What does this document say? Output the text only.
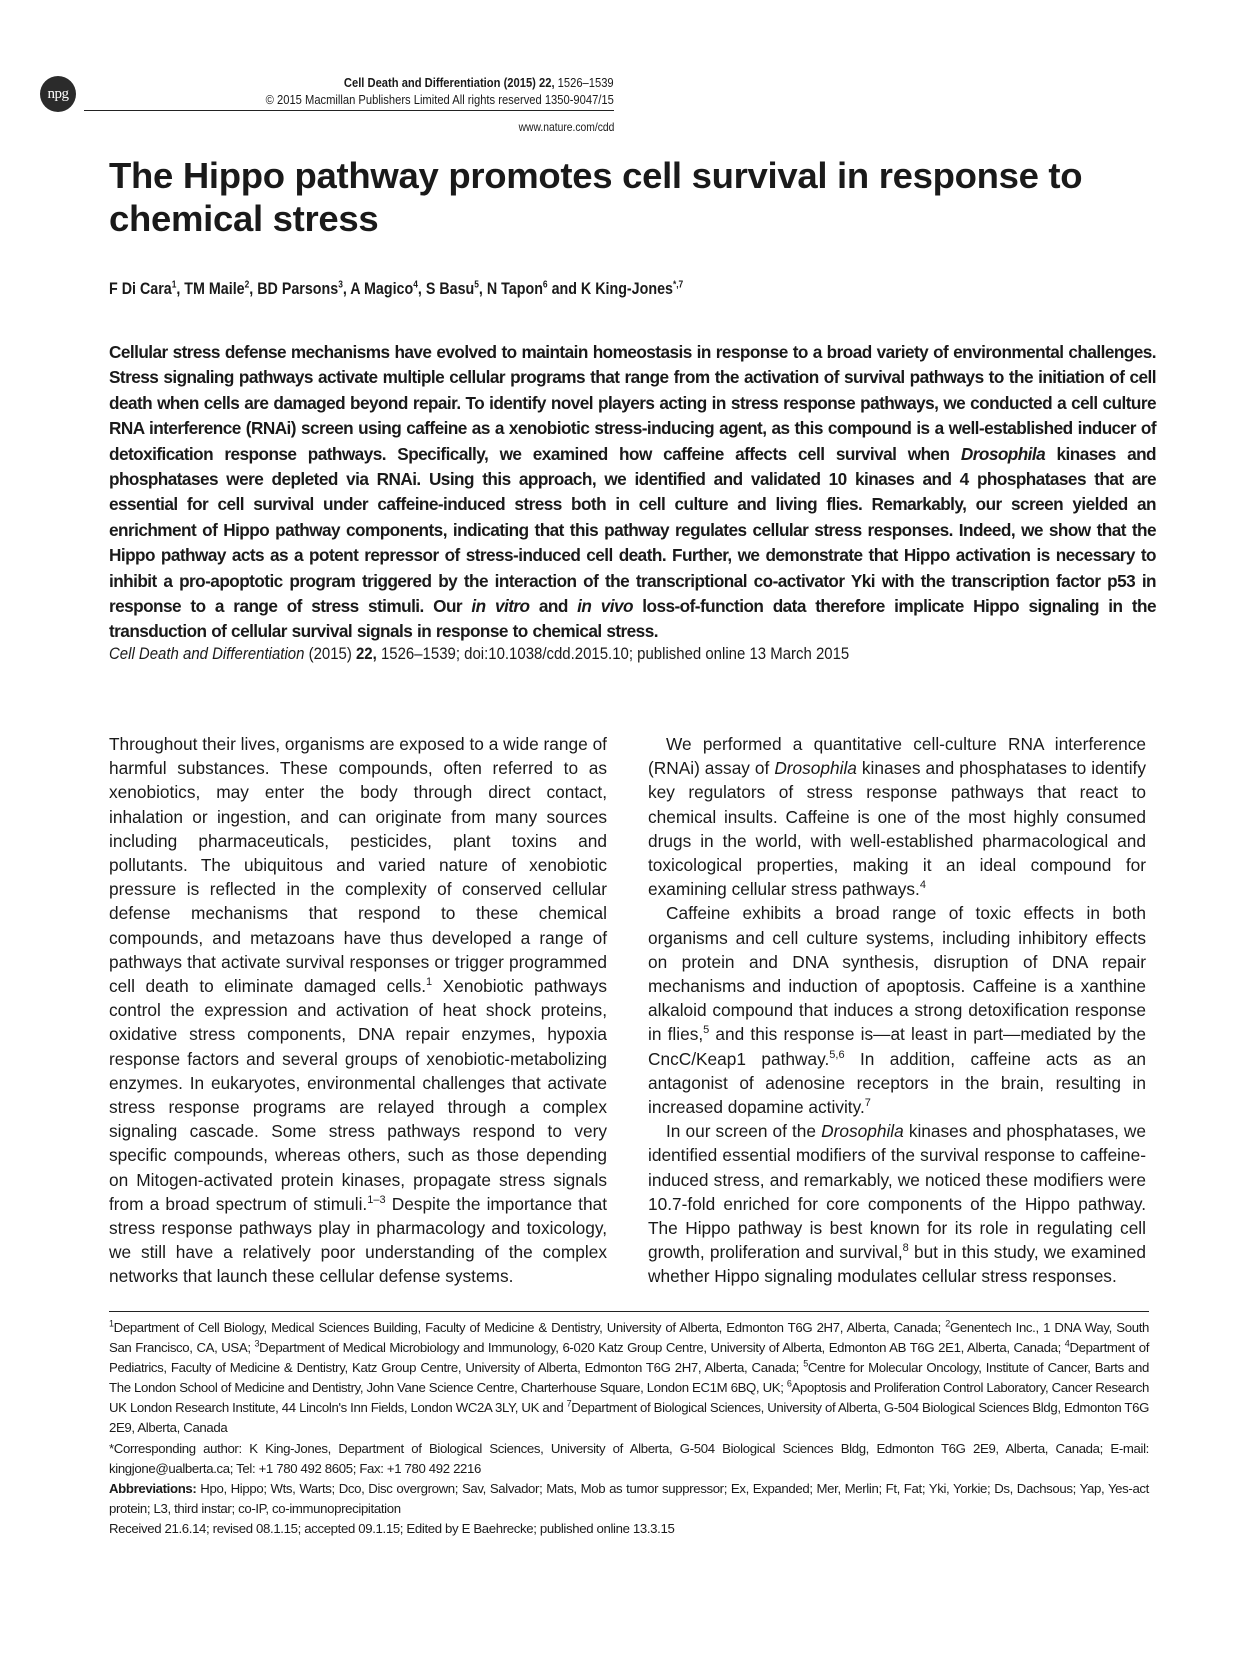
npg
Cell Death and Differentiation (2015) 22, 1526–1539
© 2015 Macmillan Publishers Limited All rights reserved 1350-9047/15
www.nature.com/cdd
The Hippo pathway promotes cell survival in response to chemical stress
F Di Cara$^1$, TM Maile$^2$, BD Parsons$^3$, A Magico$^4$, S Basu$^5$, N Tapon$^6$ and K King-Jones$^{*,7}$

Cellular stress defense mechanisms have evolved to maintain homeostasis in response to a broad variety of environmental challenges. Stress signaling pathways activate multiple cellular programs that range from the activation of survival pathways to the initiation of cell death when cells are damaged beyond repair. To identify novel players acting in stress response pathways, we conducted a cell culture RNA interference (RNAi) screen using caffeine as a xenobiotic stress-inducing agent, as this compound is a well-established inducer of detoxification response pathways. Specifically, we examined how caffeine affects cell survival when Drosophila kinases and phosphatases were depleted via RNAi. Using this approach, we identified and validated 10 kinases and 4 phosphatases that are essential for cell survival under caffeine-induced stress both in cell culture and living flies. Remarkably, our screen yielded an enrichment of Hippo pathway components, indicating that this pathway regulates cellular stress responses. Indeed, we show that the Hippo pathway acts as a potent repressor of stress-induced cell death. Further, we demonstrate that Hippo activation is necessary to inhibit a pro-apoptotic program triggered by the interaction of the transcriptional co-activator Yki with the transcription factor p53 in response to a range of stress stimuli. Our in vitro and in vivo loss-of-function data therefore implicate Hippo signaling in the transduction of cellular survival signals in response to chemical stress.

Cell Death and Differentiation (2015) 22, 1526–1539; doi:10.1038/cdd.2015.10; published online 13 March 2015

Throughout their lives, organisms are exposed to a wide range of harmful substances. These compounds, often referred to as xenobiotics, may enter the body through direct contact, inhalation or ingestion, and can originate from many sources including pharmaceuticals, pesticides, plant toxins and pollutants. The ubiquitous and varied nature of xenobiotic pressure is reflected in the complexity of conserved cellular defense mechanisms that respond to these chemical compounds, and metazoans have thus developed a range of pathways that activate survival responses or trigger programmed cell death to eliminate damaged cells.$^1$ Xenobiotic pathways control the expression and activation of heat shock proteins, oxidative stress components, DNA repair enzymes, hypoxia response factors and several groups of xenobiotic-metabolizing enzymes. In eukaryotes, environmental challenges that activate stress response programs are relayed through a complex signaling cascade. Some stress pathways respond to very specific compounds, whereas others, such as those depending on Mitogen-activated protein kinases, propagate stress signals from a broad spectrum of stimuli.$^{1-3}$ Despite the importance that stress response pathways play in pharmacology and toxicology, we still have a relatively poor understanding of the complex networks that launch these cellular defense systems.

We performed a quantitative cell-culture RNA interference (RNAi) assay of Drosophila kinases and phosphatases to identify key regulators of stress response pathways that react to chemical insults. Caffeine is one of the most highly consumed drugs in the world, with well-established pharmacological and toxicological properties, making it an ideal compound for examining cellular stress pathways.$^4$

Caffeine exhibits a broad range of toxic effects in both organisms and cell culture systems, including inhibitory effects on protein and DNA synthesis, disruption of DNA repair mechanisms and induction of apoptosis. Caffeine is a xanthine alkaloid compound that induces a strong detoxification response in flies,$^5$ and this response is—at least in part—mediated by the CncC/Keap1 pathway.$^{5,6}$ In addition, caffeine acts as an antagonist of adenosine receptors in the brain, resulting in increased dopamine activity.$^7$

In our screen of the Drosophila kinases and phosphatases, we identified essential modifiers of the survival response to caffeine-induced stress, and remarkably, we noticed these modifiers were 10.7-fold enriched for core components of the Hippo pathway. The Hippo pathway is best known for its role in regulating cell growth, proliferation and survival,$^8$ but in this study, we examined whether Hippo signaling modulates cellular stress responses.

$^1$Department of Cell Biology, Medical Sciences Building, Faculty of Medicine & Dentistry, University of Alberta, Edmonton T6G 2H7, Alberta, Canada; $^2$Genentech Inc., 1 DNA Way, South San Francisco, CA, USA; $^3$Department of Medical Microbiology and Immunology, 6-020 Katz Group Centre, University of Alberta, Edmonton AB T6G 2E1, Alberta, Canada; $^4$Department of Pediatrics, Faculty of Medicine & Dentistry, Katz Group Centre, University of Alberta, Edmonton T6G 2H7, Alberta, Canada; $^5$Centre for Molecular Oncology, Institute of Cancer, Barts and The London School of Medicine and Dentistry, John Vane Science Centre, Charterhouse Square, London EC1M 6BQ, UK; $^6$Apoptosis and Proliferation Control Laboratory, Cancer Research UK London Research Institute, 44 Lincoln's Inn Fields, London WC2A 3LY, UK and $^7$Department of Biological Sciences, University of Alberta, G-504 Biological Sciences Bldg, Edmonton T6G 2E9, Alberta, Canada

*Corresponding author: K King-Jones, Department of Biological Sciences, University of Alberta, G-504 Biological Sciences Bldg, Edmonton T6G 2E9, Alberta, Canada; E-mail: kingjone@ualberta.ca; Tel: +1 780 492 8605; Fax: +1 780 492 2216

Abbreviations: Hpo, Hippo; Wts, Warts; Dco, Disc overgrown; Sav, Salvador; Mats, Mob as tumor suppressor; Ex, Expanded; Mer, Merlin; Ft, Fat; Yki, Yorkie; Ds, Dachsous; Yap, Yes-act protein; L3, third instar; co-IP, co-immunoprecipitation

Received 21.6.14; revised 08.1.15; accepted 09.1.15; Edited by E Baehrecke; published online 13.3.15
